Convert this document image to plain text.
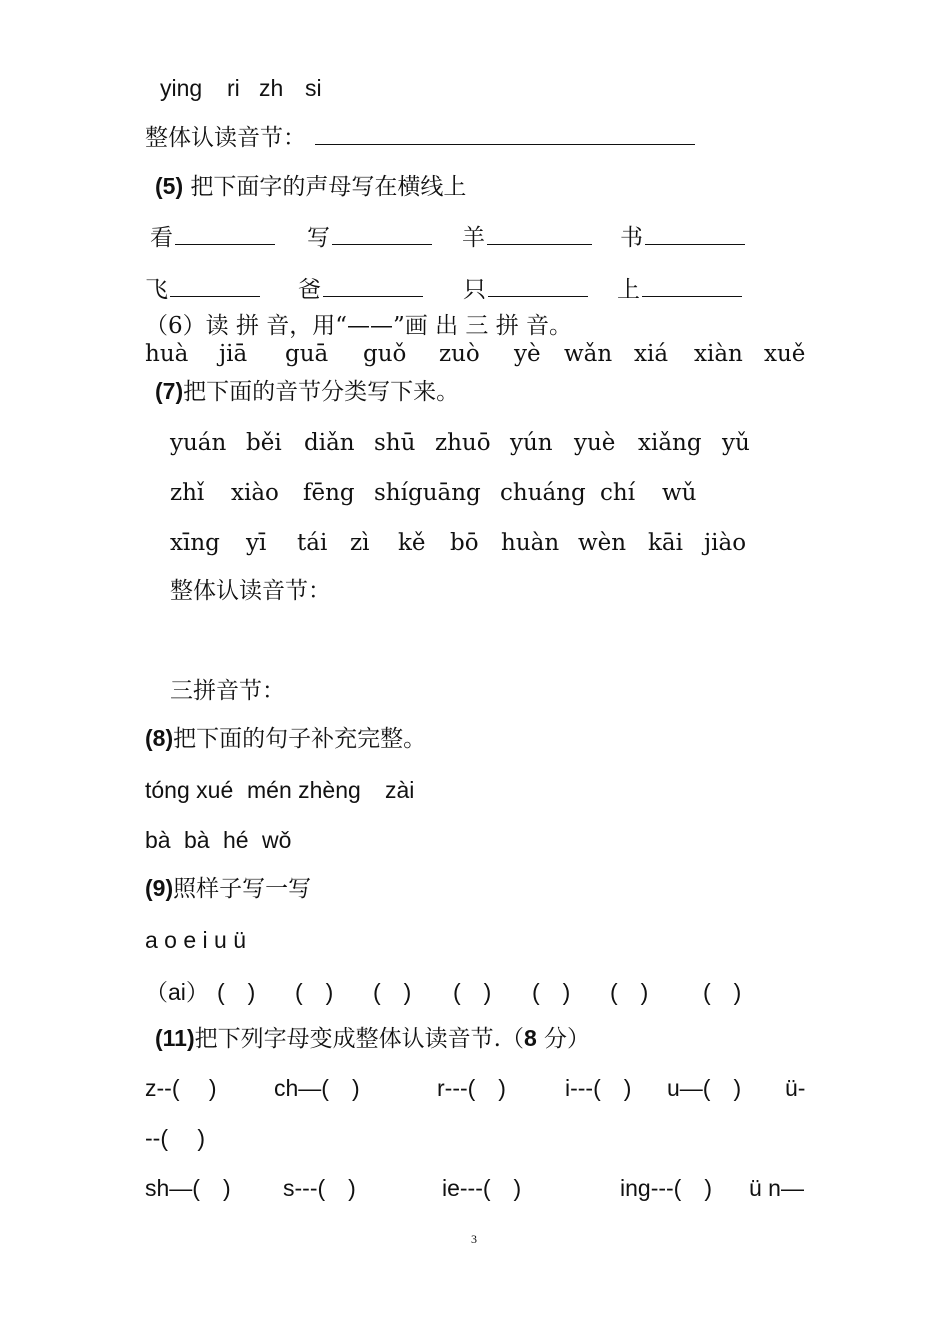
ying ri zh si
整体认读音节：
(5) 把下面字的声母写在横线上
看	写	羊	书
飞	爸	只	上
（6）读 拼 音，用“——”画 出 三 拼 音。
huà jiā guā guǒ zuò yè wǎn xiá xiàn xuě
(7)把下面的音节分类写下来。
yuán běi diǎn shū zhuō yún yuè xiǎng yǔ
zhǐ xiào fēng shíguāng chuáng chí wǔ
xīng yī tái zì kě bō huàn wèn kāi jiào
整体认读音节：
三拼音节：
(8)把下面的句子补充完整。
tóng xué mén zhèng zài
bà bà hé wǒ
(9)照样子写一写
a o e i u ü
（ai） (　) (　) (　) (　) (　) (　) (　)
(11)把下列字母变成整体认读音节.（8 分）
z--(　 ) ch—(　)	r---(　)	i---(　) u—(　) ü-
--(　 )
sh—(　) s---(　)	ie---(　)	ing---(　) ü n—
3
